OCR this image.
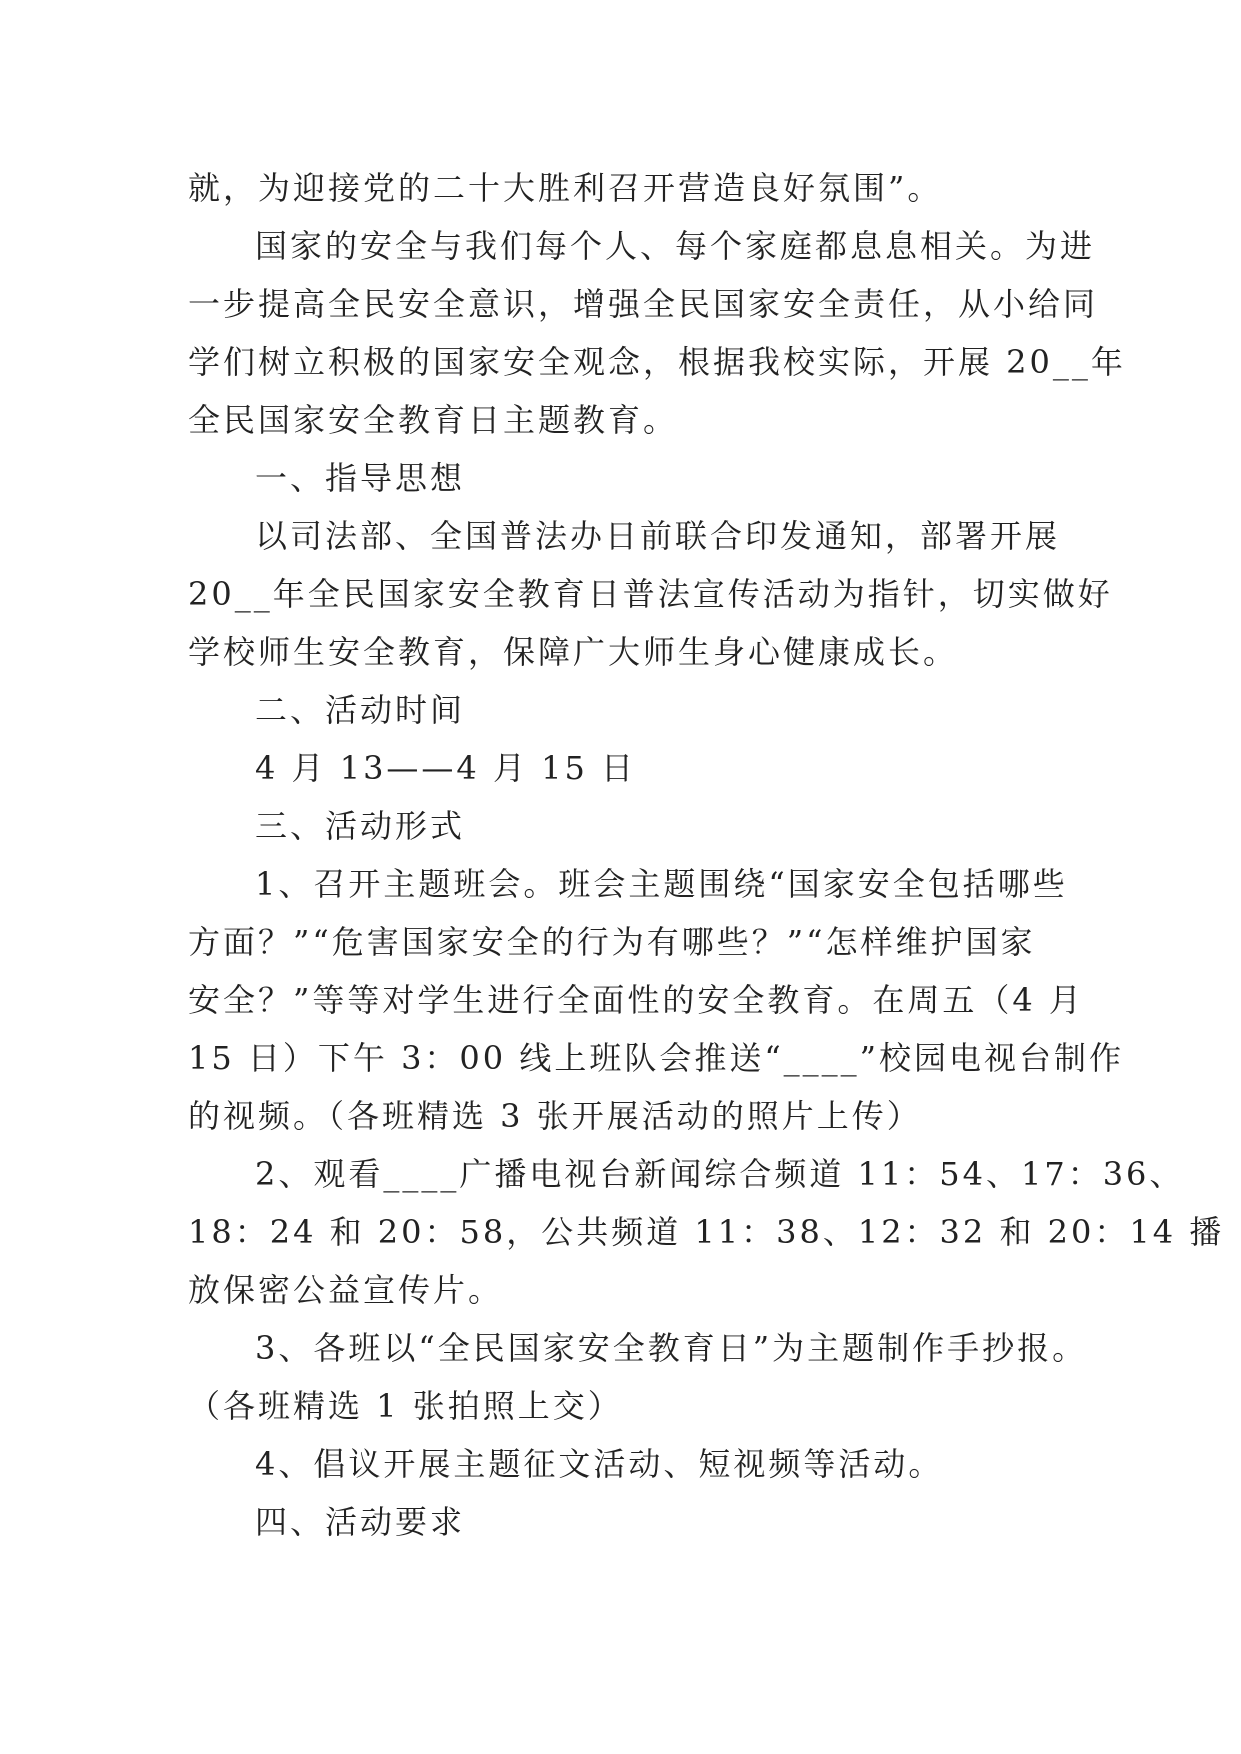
就，为迎接党的二十大胜利召开营造良好氛围”。
国家的安全与我们每个人、每个家庭都息息相关。为进
一步提高全民安全意识，增强全民国家安全责任，从小给同
学们树立积极的国家安全观念，根据我校实际，开展 20__年
全民国家安全教育日主题教育。
一、指导思想
以司法部、全国普法办日前联合印发通知，部署开展
20__年全民国家安全教育日普法宣传活动为指针，切实做好
学校师生安全教育，保障广大师生身心健康成长。
二、活动时间
4 月 13——4 月 15 日
三、活动形式
1、召开主题班会。班会主题围绕“国家安全包括哪些
方面？”“危害国家安全的行为有哪些？”“怎样维护国家
安全？”等等对学生进行全面性的安全教育。在周五（4 月
15 日）下午 3：00 线上班队会推送“____”校园电视台制作
的视频。（各班精选 3 张开展活动的照片上传）
2、观看____广播电视台新闻综合频道 11：54、17：36、
18：24 和 20：58，公共频道 11：38、12：32 和 20：14 播
放保密公益宣传片。
3、各班以“全民国家安全教育日”为主题制作手抄报。
（各班精选 1 张拍照上交）
4、倡议开展主题征文活动、短视频等活动。
四、活动要求
